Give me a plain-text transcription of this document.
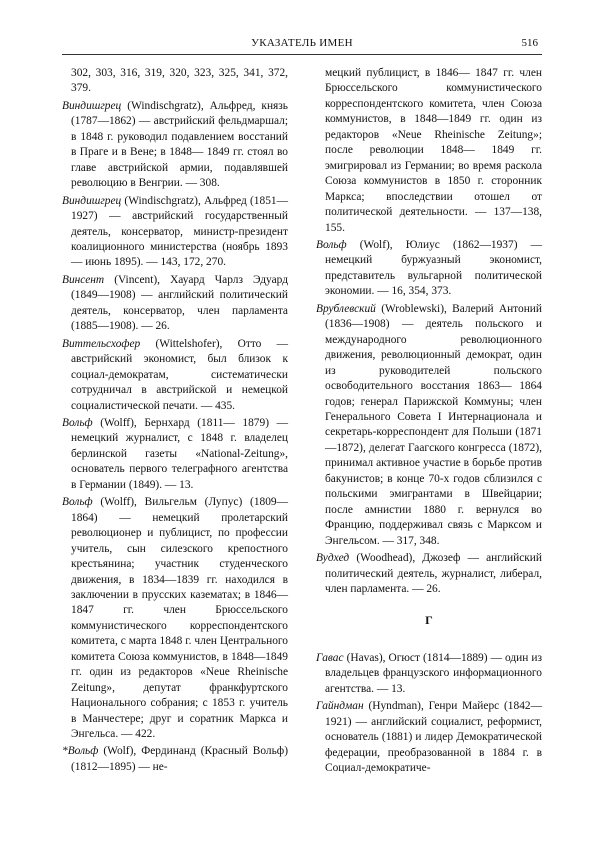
УКАЗАТЕЛЬ ИМЕН	516
302, 303, 316, 319, 320, 323, 325, 341, 372, 379.
Виндишгрец (Windischgratz), Альфред, князь (1787—1862) — австрийский фельдмаршал; в 1848 г. руководил подавлением восстаний в Праге и в Вене; в 1848— 1849 гг. стоял во главе австрийской армии, подавлявшей революцию в Венгрии. — 308.
Виндишгрец (Windischgratz), Альфред (1851—1927) — австрийский государственный деятель, консерватор, министр-президент коалиционного министерства (ноябрь 1893 — июнь 1895). — 143, 172, 270.
Винсент (Vincent), Хауард Чарлз Эдуард (1849—1908) — английский политический деятель, консерватор, член парламента (1885—1908). — 26.
Виттельсхофер (Wittelshofer), Отто — австрийский экономист, был близок к социал-демократам, систематически сотрудничал в австрийской и немецкой социалистической печати. — 435.
Вольф (Wolff), Бернхард (1811— 1879) — немецкий журналист, с 1848 г. владелец берлинской газеты «National-Zeitung», основатель первого телеграфного агентства в Германии (1849). — 13.
Вольф (Wolff), Вильгельм (Лупус) (1809— 1864) — немецкий пролетарский революционер и публицист, по профессии учитель, сын силезского крепостного крестьянина; участник студенческого движения, в 1834—1839 гг. находился в заключении в прусских казематах; в 1846—1847 гг. член Брюссельского коммунистического корреспондентского комитета, с марта 1848 г. член Центрального комитета Союза коммунистов, в 1848—1849 гг. один из редакторов «Neue Rheinische Zeitung», депутат франкфуртского Национального собрания; с 1853 г. учитель в Манчестере; друг и соратник Маркса и Энгельса. — 422.
*Вольф (Wolf), Фердинанд (Красный Вольф) (1812—1895) — не-
мецкий публицист, в 1846— 1847 гг. член Брюссельского коммунистического корреспондентского комитета, член Союза коммунистов, в 1848—1849 гг. один из редакторов «Neue Rheinische Zeitung»; после революции 1848— 1849 гг. эмигрировал из Германии; во время раскола Союза коммунистов в 1850 г. сторонник Маркса; впоследствии отошел от политической деятельности. — 137—138, 155.
Вольф (Wolf), Юлиус (1862—1937) — немецкий буржуазный экономист, представитель вульгарной политической экономии. — 16, 354, 373.
Врублевский (Wroblewski), Валерий Антоний (1836—1908) — деятель польского и международного революционного движения, революционный демократ, один из руководителей польского освободительного восстания 1863— 1864 годов; генерал Парижской Коммуны; член Генерального Совета I Интернационала и секретарь-корреспондент для Польши (1871—1872), делегат Гаагского конгресса (1872), принимал активное участие в борьбе против бакунистов; в конце 70-х годов сблизился с польскими эмигрантами в Швейцарии; после амнистии 1880 г. вернулся во Францию, поддерживал связь с Марксом и Энгельсом. — 317, 348.
Вудхед (Woodhead), Джозеф — английский политический деятель, журналист, либерал, член парламента. — 26.
Г
Гавас (Havas), Огюст (1814—1889) — один из владельцев французского информационного агентства. — 13.
Гайндман (Hyndman), Генри Майерс (1842—1921) — английский социалист, реформист, основатель (1881) и лидер Демократической федерации, преобразованной в 1884 г. в Социал-демократиче-
